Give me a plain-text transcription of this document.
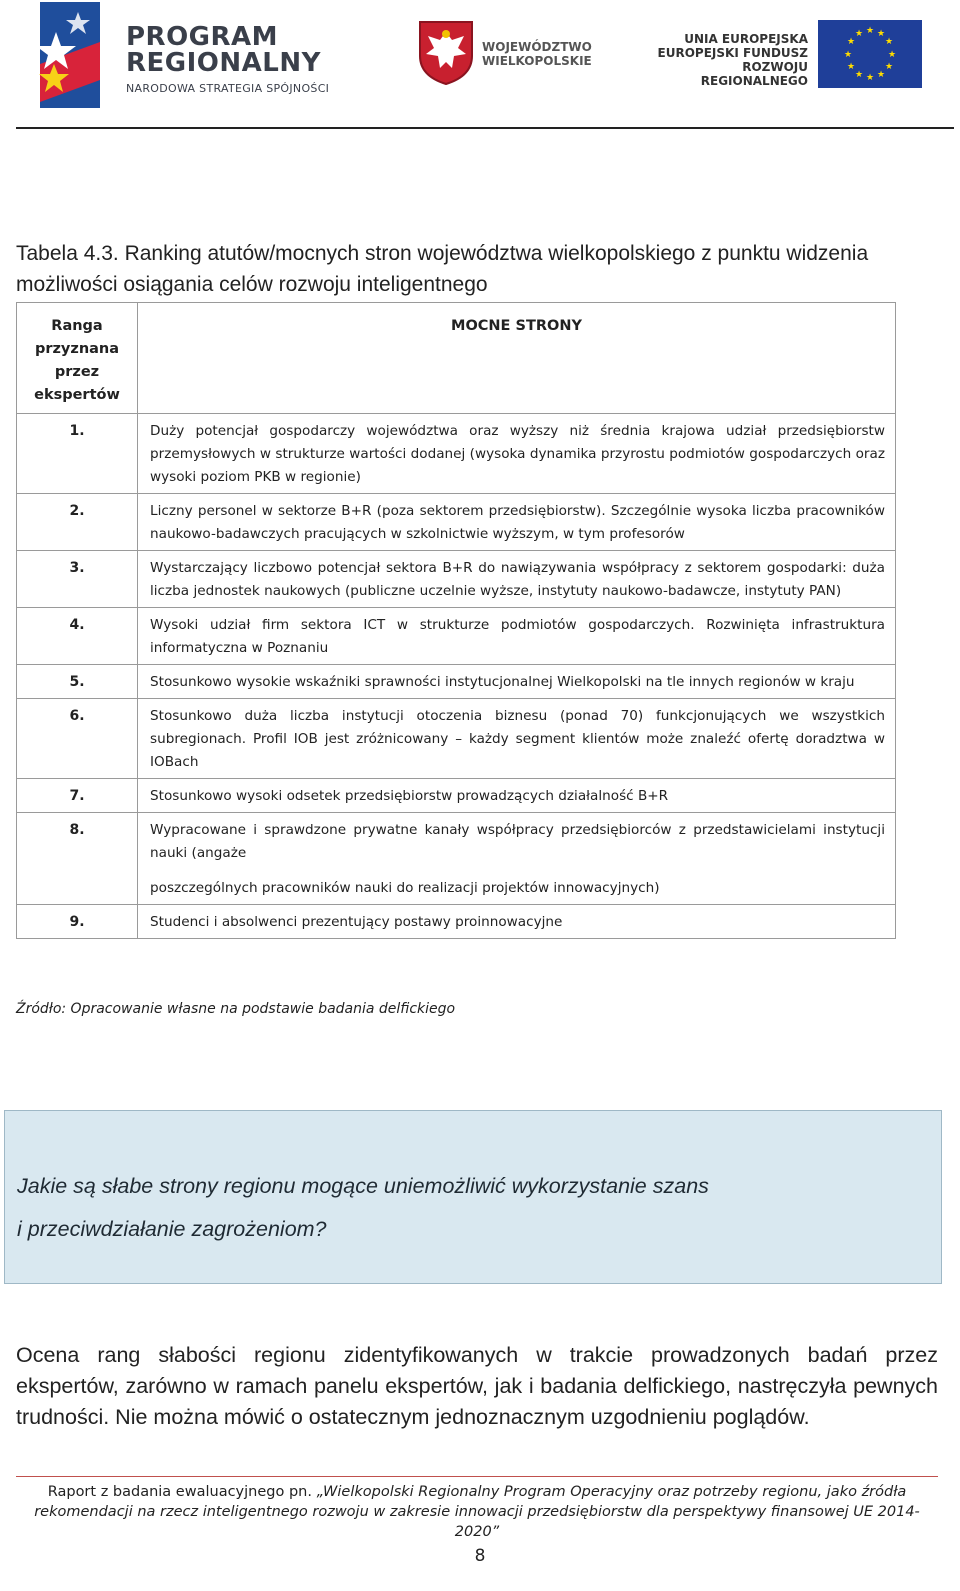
PROGRAM
REGIONALNY
NARODOWA STRATEGIA SPÓJNOŚCI
WOJEWÓDZTWO
WIELKOPOLSKIE
UNIA EUROPEJSKA
EUROPEJSKI FUNDUSZ
ROZWOJU REGIONALNEGO
★ ★
★
★
★
★
★
★
★
★
★
★
Tabela 4.3. Ranking atutów/mocnych stron województwa wielkopolskiego z punktu widzenia możliwości osiągania celów rozwoju inteligentnego
Ranga przyznana przez ekspertów	MOCNE STRONY
1.	Duży potencjał gospodarczy województwa oraz wyższy niż średnia krajowa udział przedsiębiorstw przemysłowych w strukturze wartości dodanej (wysoka dynamika przyrostu podmiotów gospodarczych oraz wysoki poziom PKB w regionie)
2.	Liczny personel w sektorze B+R (poza sektorem przedsiębiorstw). Szczególnie wysoka liczba pracowników naukowo-badawczych pracujących w szkolnictwie wyższym, w tym profesorów
3.	Wystarczający liczbowo potencjał sektora B+R do nawiązywania współpracy z sektorem gospodarki: duża liczba jednostek naukowych (publiczne uczelnie wyższe, instytuty naukowo-badawcze, instytuty PAN)
4.	Wysoki udział firm sektora ICT w strukturze podmiotów gospodarczych. Rozwinięta infrastruktura informatyczna w Poznaniu
5.	Stosunkowo wysokie wskaźniki sprawności instytucjonalnej Wielkopolski na tle innych regionów w kraju
6.	Stosunkowo duża liczba instytucji otoczenia biznesu (ponad 70) funkcjonujących we wszystkich subregionach. Profil IOB jest zróżnicowany – każdy segment klientów może znaleźć ofertę doradztwa w IOBach
7.	Stosunkowo wysoki odsetek przedsiębiorstw prowadzących działalność B+R
8.	Wypracowane i sprawdzone prywatne kanały współpracy przedsiębiorców z przedstawicielami instytucji nauki (angaże
poszczególnych pracowników nauki do realizacji projektów innowacyjnych)

9.	Studenci i absolwenci prezentujący postawy proinnowacyjne
Źródło: Opracowanie własne na podstawie badania delfickiego
Jakie są słabe strony regionu mogące uniemożliwić wykorzystanie szans
i przeciwdziałanie zagrożeniom?
Ocena rang słabości regionu zidentyfikowanych w trakcie prowadzonych badań przez ekspertów, zarówno w ramach panelu ekspertów, jak i badania delfickiego, nastręczyła pewnych trudności. Nie można mówić o ostatecznym jednoznacznym uzgodnieniu poglądów.
Raport z badania ewaluacyjnego pn. „Wielkopolski Regionalny Program Operacyjny oraz potrzeby regionu, jako źródła
rekomendacji na rzecz inteligentnego rozwoju w zakresie innowacji przedsiębiorstw dla perspektywy finansowej UE 2014-2020”
8
